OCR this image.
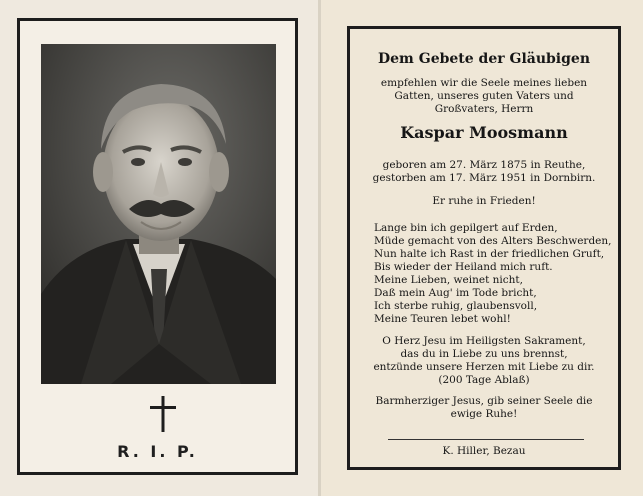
R. I. P.
Dem Gebete der Gläubigen
empfehlen wir die Seele meines lieben
Gatten, unseres guten Vaters und
Großvaters, Herrn
Kaspar Moosmann
geboren am 27. März 1875 in Reuthe,
gestorben am 17. März 1951 in Dornbirn.
Er ruhe in Frieden!
Lange bin ich gepilgert auf Erden,
Müde gemacht von des Alters Beschwerden,
Nun halte ich Rast in der friedlichen Gruft,
Bis wieder der Heiland mich ruft.
Meine Lieben, weinet nicht,
Daß mein Aug' im Tode bricht,
Ich sterbe ruhig, glaubensvoll,
Meine Teuren lebet wohl!
O Herz Jesu im Heiligsten Sakrament,
das du in Liebe zu uns brennst,
entzünde unsere Herzen mit Liebe zu dir.
(200 Tage Ablaß)
Barmherziger Jesus, gib seiner Seele die
ewige Ruhe!
K. Hiller, Bezau
